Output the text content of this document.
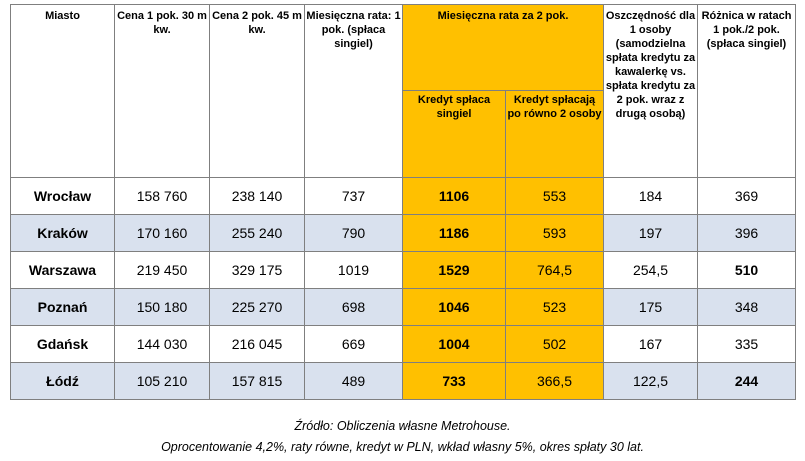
Miasto	Cena 1 pok. 30 m kw.	Cena 2 pok. 45 m kw.	Miesięczna rata: 1 pok. (spłaca singiel)	Miesięczna rata za 2 pok.		Oszczędność dla 1 osoby (samodzielna spłata kredytu za kawalerkę vs. spłata kredytu za 2 pok. wraz z drugą osobą)	Różnica w ratach 1 pok./2 pok. (spłaca singiel)
				Kredyt spłaca singiel	Kredyt spłacają po równo 2 osoby		
Wrocław	158 760	238 140	737	1106	553	184	369
Kraków	170 160	255 240	790	1186	593	197	396
Warszawa	219 450	329 175	1019	1529	764,5	254,5	510
Poznań	150 180	225 270	698	1046	523	175	348
Gdańsk	144 030	216 045	669	1004	502	167	335
Łódź	105 210	157 815	489	733	366,5	122,5	244
Źródło: Obliczenia własne Metrohouse.
Oprocentowanie 4,2%, raty równe, kredyt w PLN, wkład własny 5%, okres spłaty 30 lat.
